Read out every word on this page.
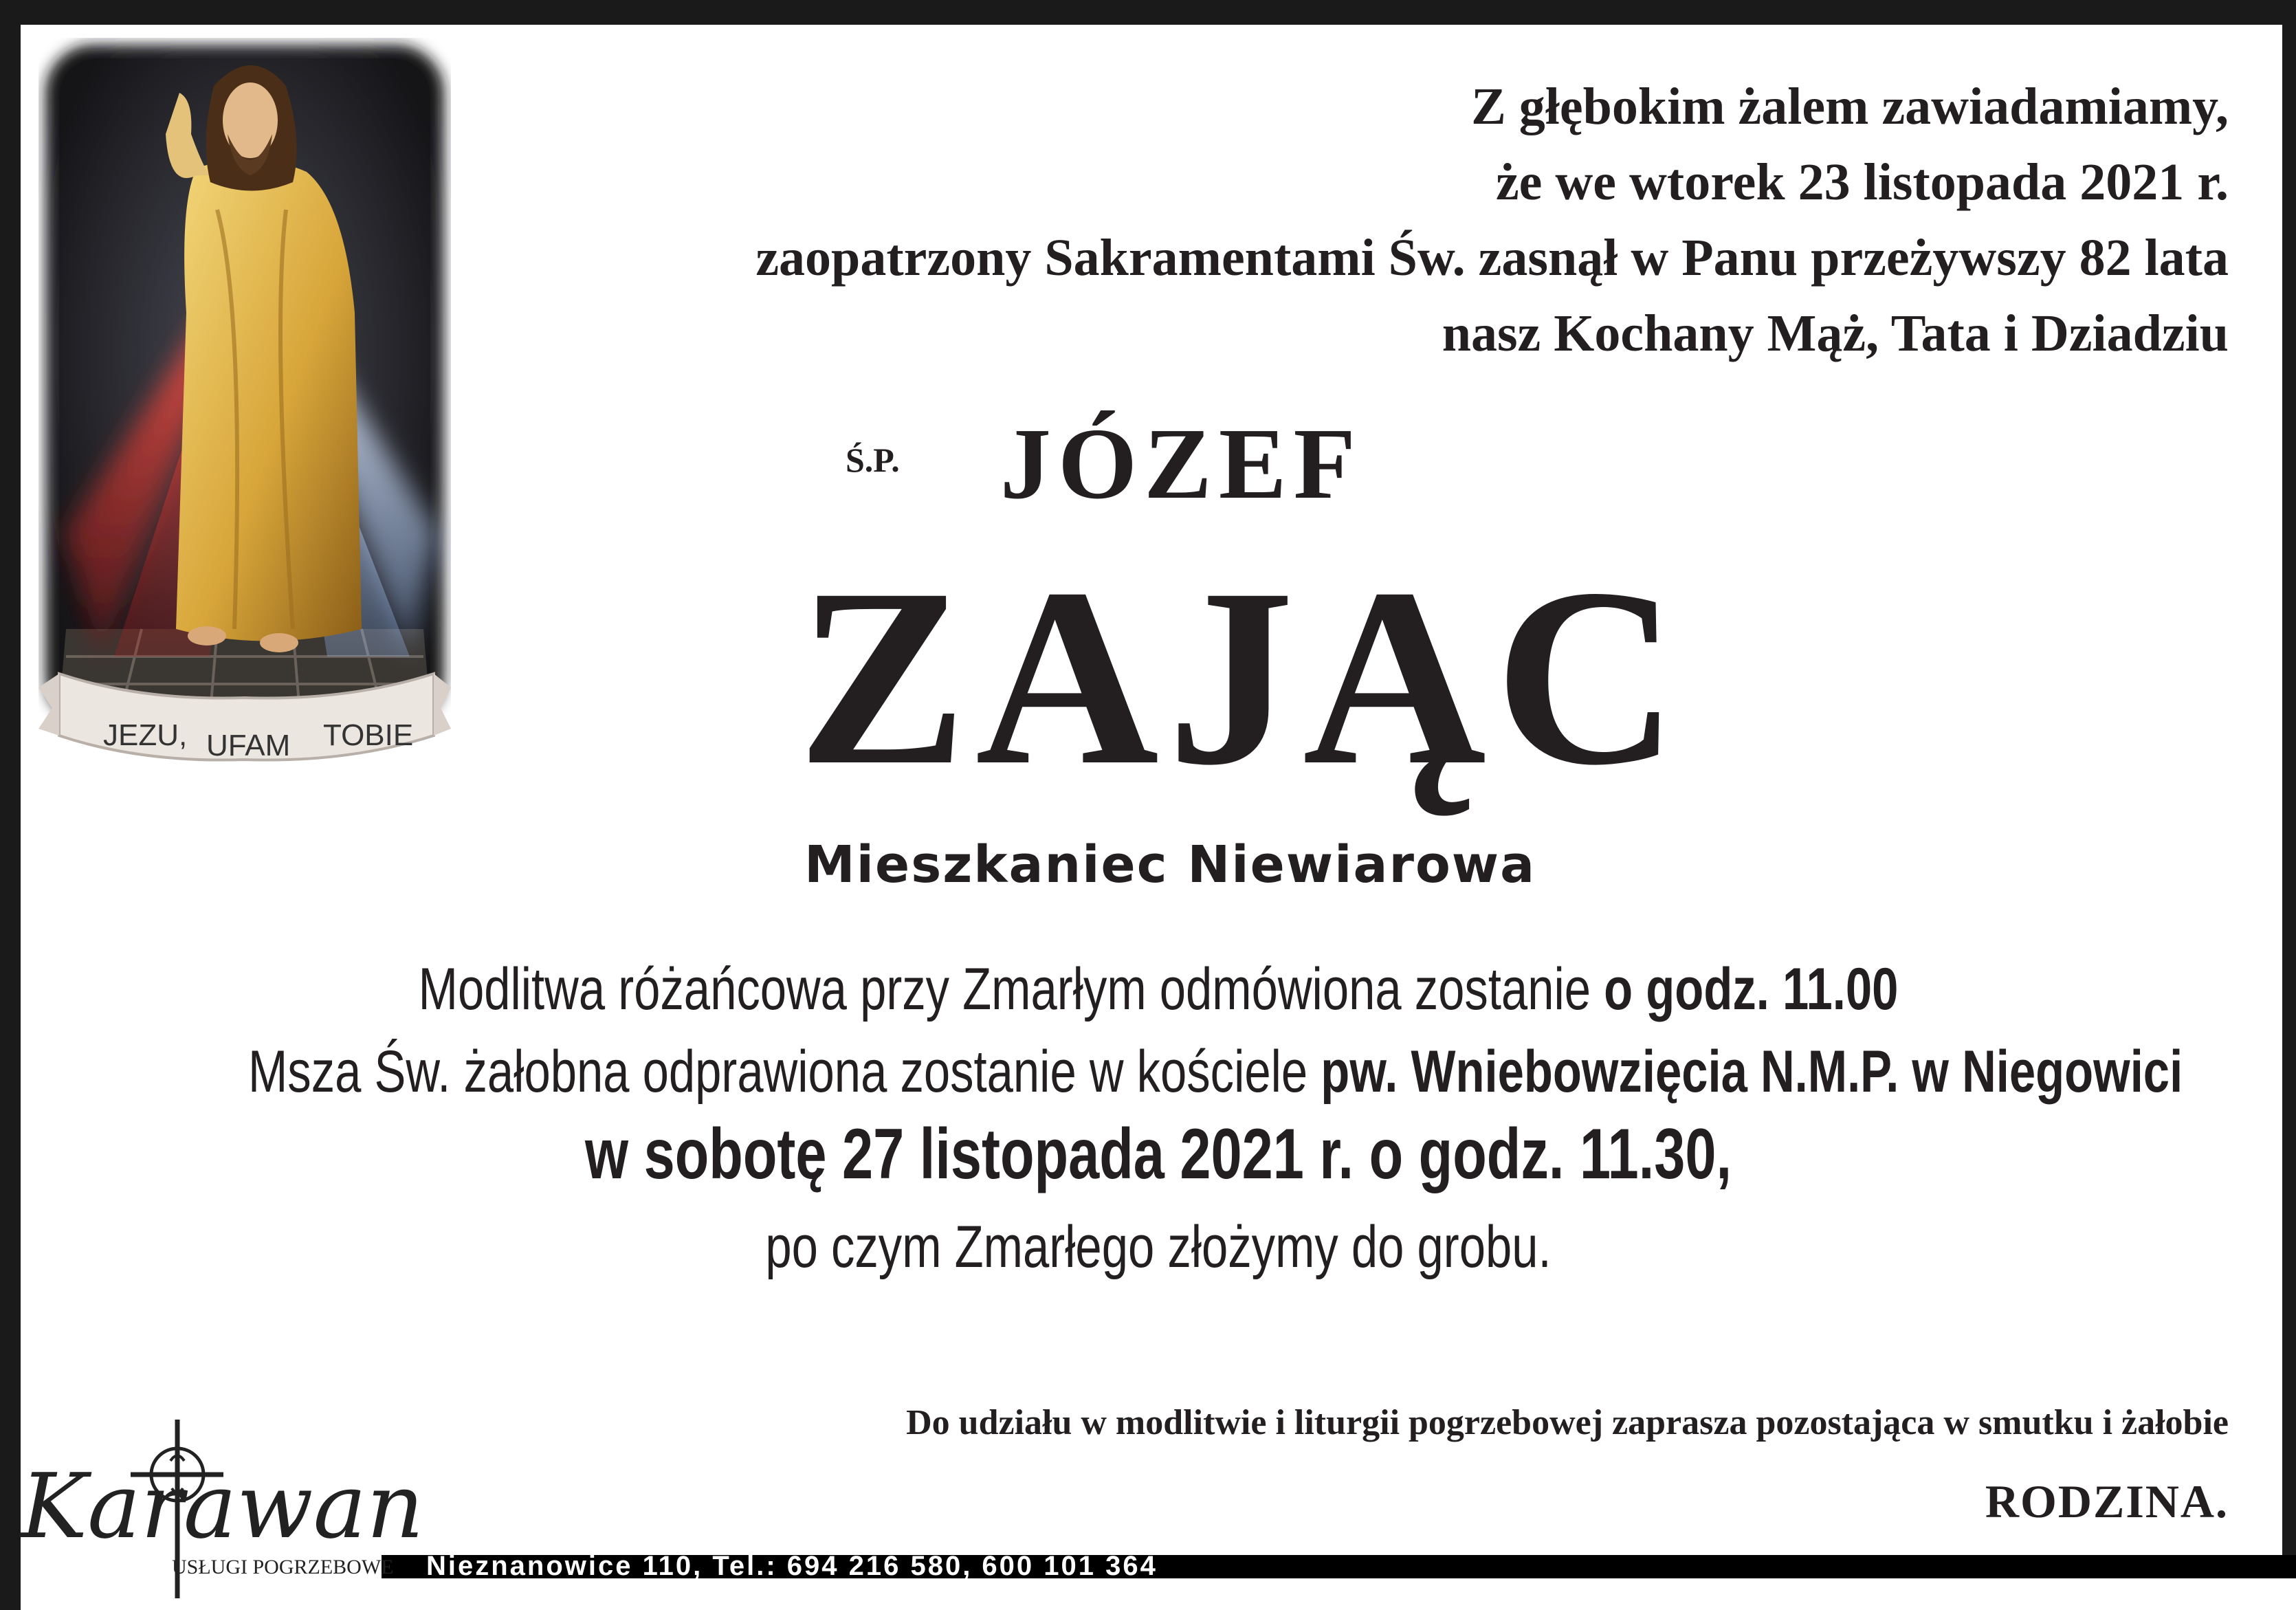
JEZU, UFAM TOBIE
Z głębokim żalem zawiadamiamy,
że we wtorek 23 listopada 2021 r.
zaopatrzony Sakramentami Św. zasnął w Panu przeżywszy 82 lata
nasz Kochany Mąż, Tata i Dziadziu
Ś.P. JÓZEF
ZAJĄC
Mieszkaniec Niewiarowa
Modlitwa różańcowa przy Zmarłym odmówiona zostanie o godz. 11.00
Msza Św. żałobna odprawiona zostanie w kościele pw. Wniebowzięcia N.M.P. w Niegowici
w sobotę 27 listopada 2021 r. o godz. 11.30,
po czym Zmarłego złożymy do grobu.
Do udziału w modlitwie i liturgii pogrzebowej zaprasza pozostająca w smutku i żałobie
RODZINA.
Karawan
USŁUGI POGRZEBOWE Nieznanowice 110, Tel.: 694 216 580, 600 101 364
